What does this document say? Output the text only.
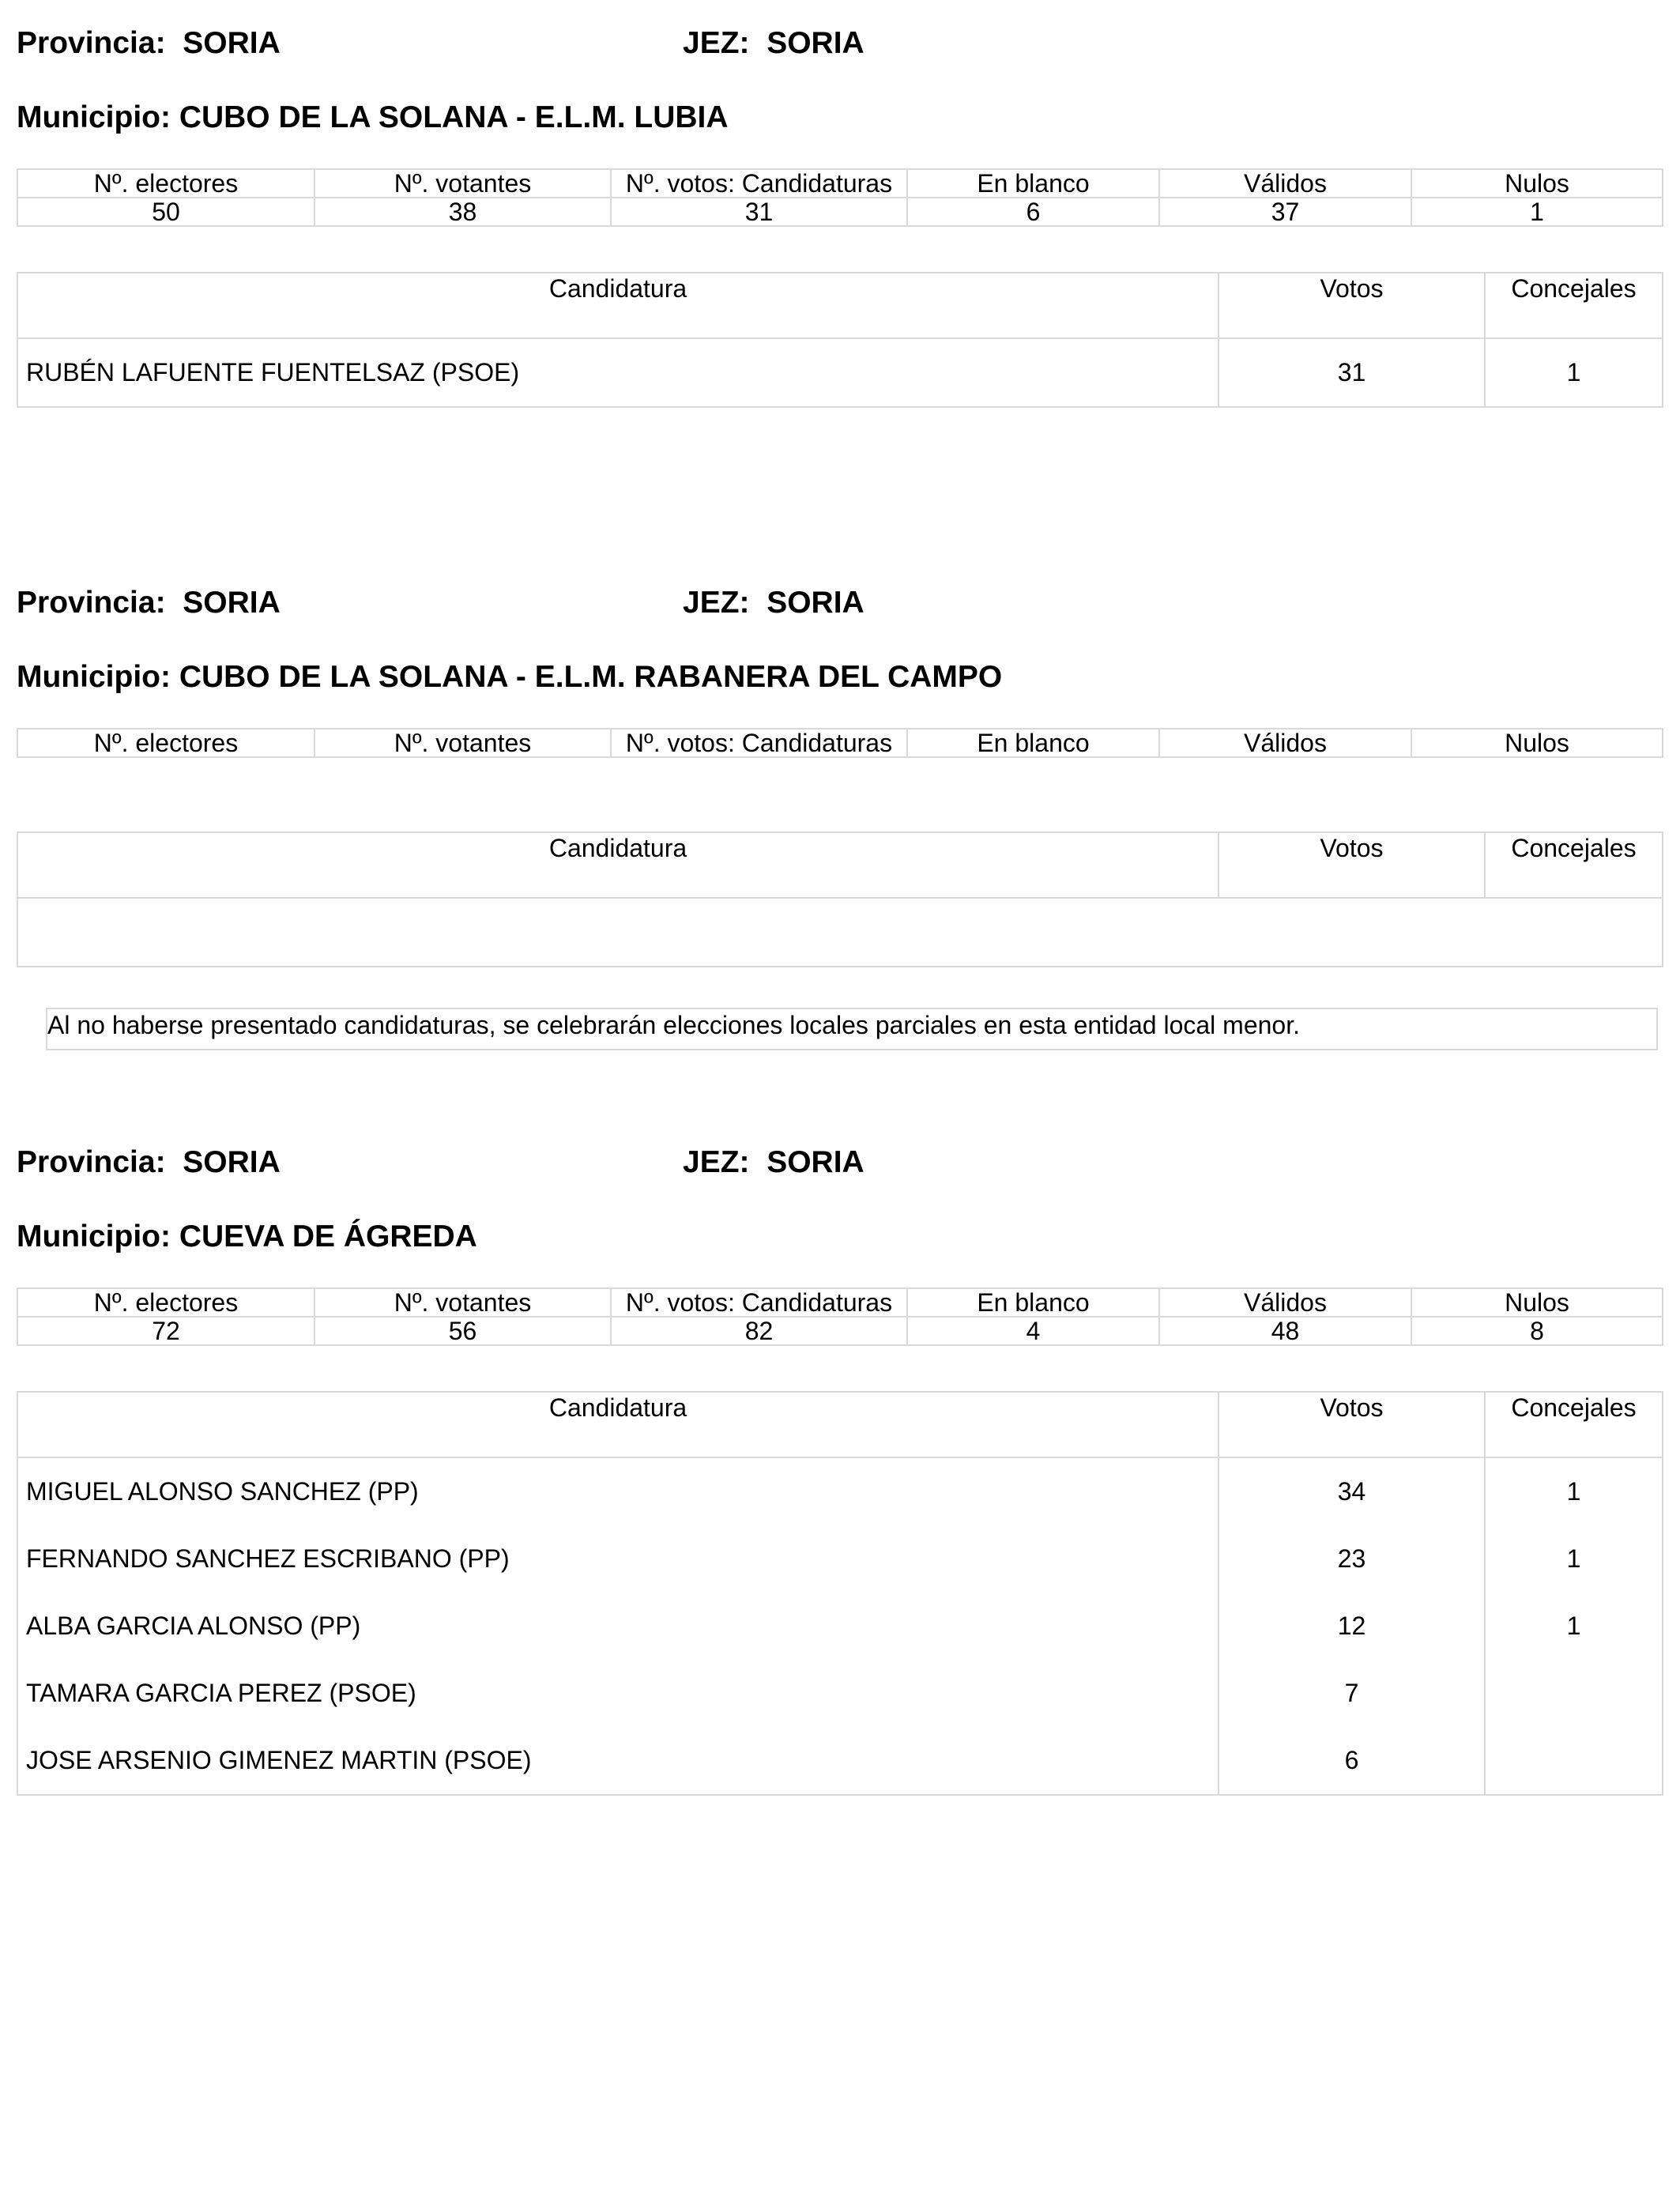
Provincia: SORIA	JEZ: SORIA
Municipio: CUBO DE LA SOLANA - E.L.M. LUBIA
Nº. electores	Nº. votantes	Nº. votos: Candidaturas	En blanco	Válidos	Nulos
50	38	31	6	37	1
Candidatura	Votos	Concejales
RUBÉN LAFUENTE FUENTELSAZ (PSOE)	31	1
Provincia: SORIA	JEZ: SORIA
Municipio: CUBO DE LA SOLANA - E.L.M. RABANERA DEL CAMPO
Nº. electores	Nº. votantes	Nº. votos: Candidaturas	En blanco	Válidos	Nulos
Candidatura	Votos	Concejales

Al no haberse presentado candidaturas, se celebrarán elecciones locales parciales en esta entidad local menor.
Provincia: SORIA	JEZ: SORIA
Municipio: CUEVA DE ÁGREDA
Nº. electores	Nº. votantes	Nº. votos: Candidaturas	En blanco	Válidos	Nulos
72	56	82	4	48	8
Candidatura	Votos	Concejales
MIGUEL ALONSO SANCHEZ (PP)	34	1
FERNANDO SANCHEZ ESCRIBANO (PP)	23	1
ALBA GARCIA ALONSO (PP)	12	1
TAMARA GARCIA PEREZ (PSOE)	7	
JOSE ARSENIO GIMENEZ MARTIN (PSOE)	6	
